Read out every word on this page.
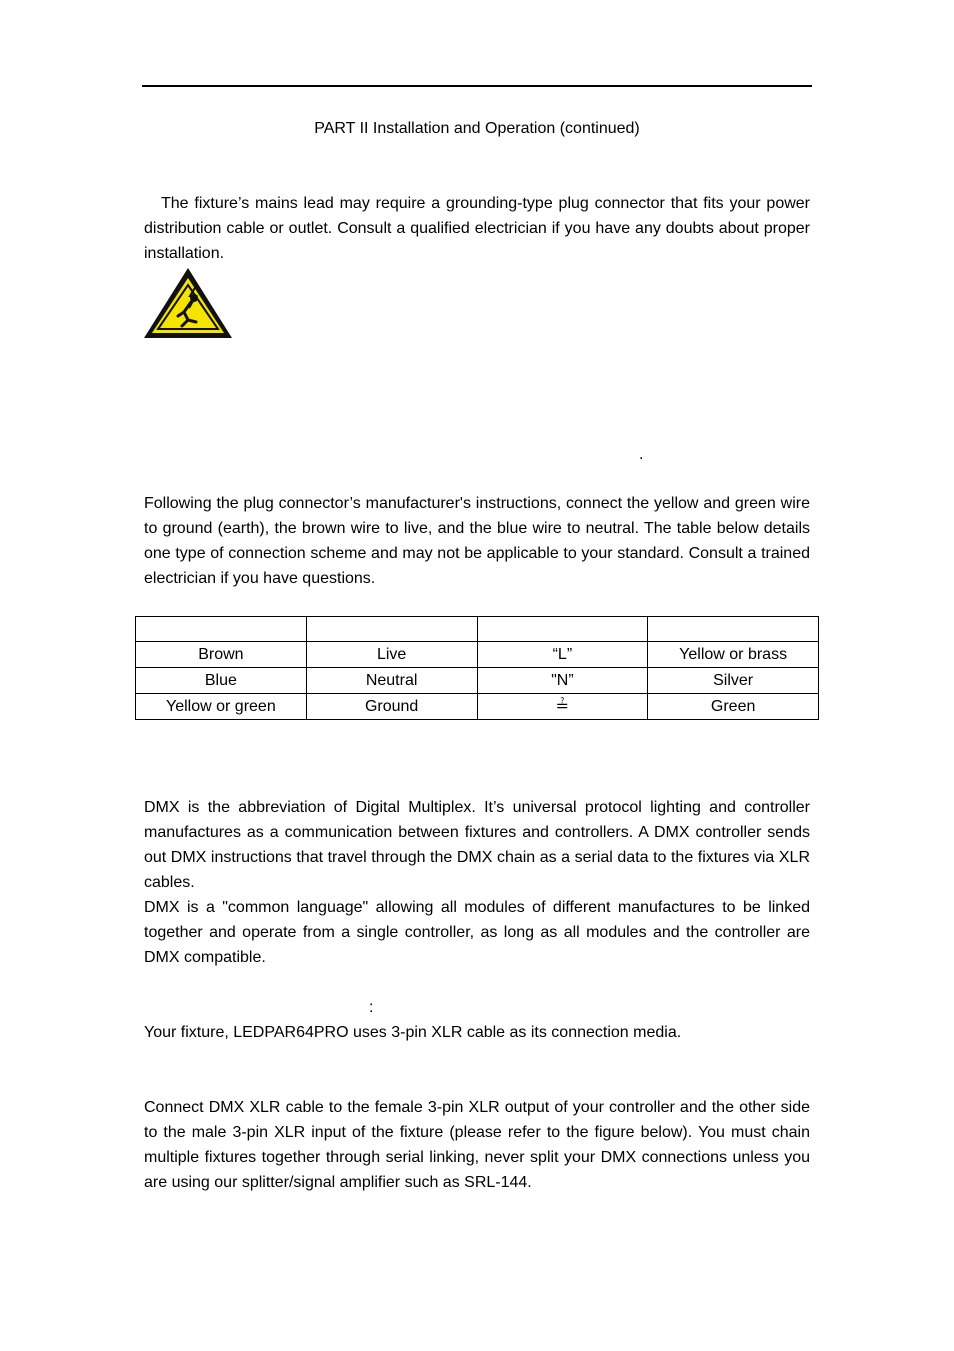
PART II Installation and Operation (continued)

The fixture’s mains lead may require a grounding-type plug connector that fits your power distribution cable or outlet. Consult a qualified electrician if you have any doubts about proper installation.

.

Following the plug connector’s manufacturer's instructions, connect the yellow and green wire to ground (earth), the brown wire to live, and the blue wire to neutral. The table below details one type of connection scheme and may not be applicable to your standard. Consult a trained electrician if you have questions.

Brown	Live	“L”	Yellow or brass
Blue	Neutral	"N”	Silver
Yellow or green	Ground	≟	Green

DMX is the abbreviation of Digital Multiplex. It’s universal protocol lighting and controller manufactures as a communication between fixtures and controllers. A DMX controller sends out DMX instructions that travel through the DMX chain as a serial data to the fixtures via XLR cables.

DMX is a "common language" allowing all modules of different manufactures to be linked together and operate from a single controller, as long as all modules and the controller are DMX compatible.

:

Your fixture, LEDPAR64PRO uses 3-pin XLR cable as its connection media.

Connect DMX XLR cable to the female 3-pin XLR output of your controller and the other side to the male 3-pin XLR input of the fixture (please refer to the figure below). You must chain multiple fixtures together through serial linking, never split your DMX connections unless you are using our splitter/signal amplifier such as SRL-144.
